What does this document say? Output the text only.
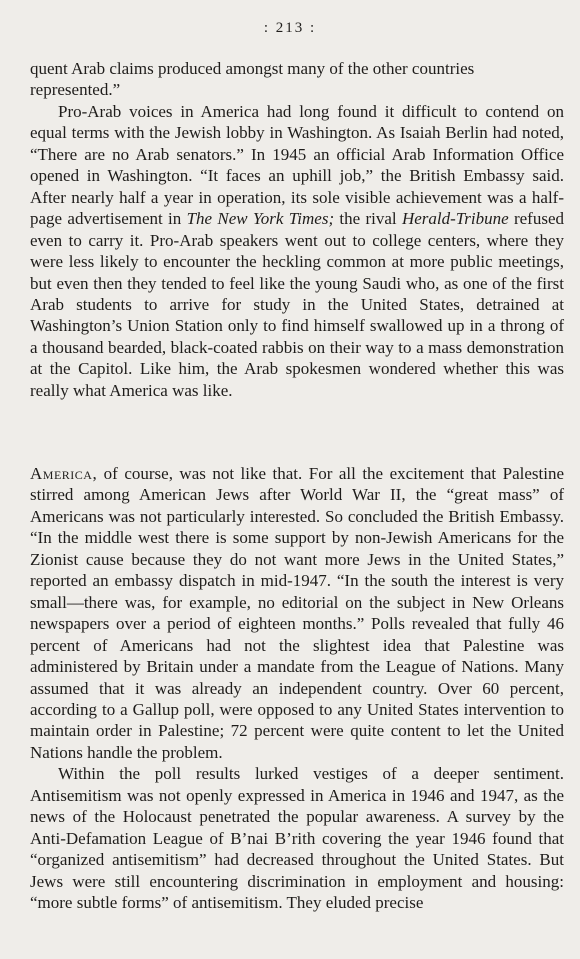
: 213 :

quent Arab claims produced amongst many of the other countries represented.”

Pro-Arab voices in America had long found it difficult to contend on equal terms with the Jewish lobby in Washington. As Isaiah Berlin had noted, “There are no Arab senators.” In 1945 an official Arab Information Office opened in Washington. “It faces an uphill job,” the British Embassy said. After nearly half a year in operation, its sole visible achievement was a half-page advertisement in The New York Times; the rival Herald-Tribune refused even to carry it. Pro-Arab speakers went out to college centers, where they were less likely to encounter the heckling common at more public meetings, but even then they tended to feel like the young Saudi who, as one of the first Arab students to arrive for study in the United States, detrained at Washington’s Union Station only to find himself swallowed up in a throng of a thousand bearded, black-coated rabbis on their way to a mass demonstration at the Capitol. Like him, the Arab spokesmen wondered whether this was really what America was like.

America, of course, was not like that. For all the excitement that Palestine stirred among American Jews after World War II, the “great mass” of Americans was not particularly interested. So concluded the British Embassy. “In the middle west there is some support by non-Jewish Americans for the Zionist cause because they do not want more Jews in the United States,” reported an embassy dispatch in mid-1947. “In the south the interest is very small—there was, for example, no editorial on the subject in New Orleans newspapers over a period of eighteen months.” Polls revealed that fully 46 percent of Americans had not the slightest idea that Palestine was administered by Britain under a mandate from the League of Nations. Many assumed that it was already an independent country. Over 60 percent, according to a Gallup poll, were opposed to any United States intervention to maintain order in Palestine; 72 percent were quite content to let the United Nations handle the problem.

Within the poll results lurked vestiges of a deeper sentiment. Antisemitism was not openly expressed in America in 1946 and 1947, as the news of the Holocaust penetrated the popular awareness. A survey by the Anti-Defamation League of B’nai B’rith covering the year 1946 found that “organized antisemitism” had decreased throughout the United States. But Jews were still encountering discrimination in employment and housing: “more subtle forms” of antisemitism. They eluded precise
